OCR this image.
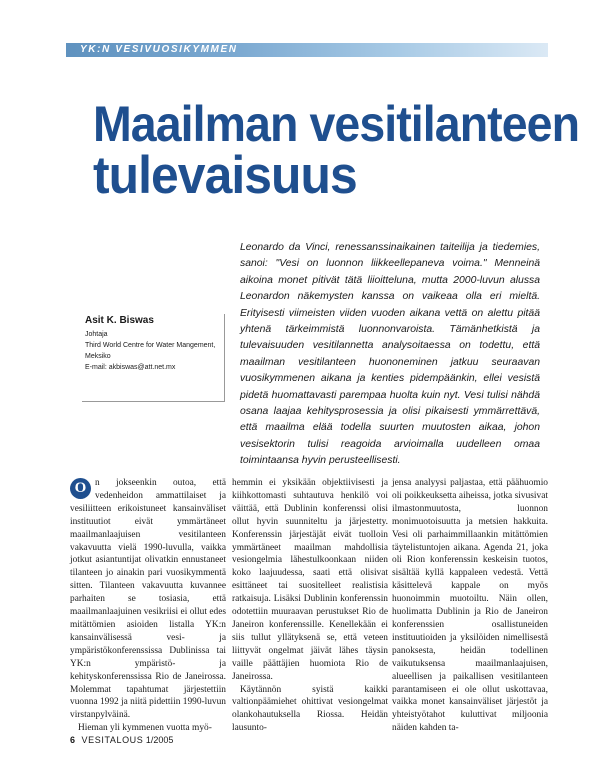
YK:N VESIVUOSIKYMMEN
Maailman vesitilanteen
tulevaisuus
Leonardo da Vinci, renessanssinaikainen taiteilija ja tiedemies, sanoi: "Vesi on luonnon liikkeellepaneva voima." Menneinä aikoina monet pitivät tätä liioitteluna, mutta 2000-luvun alussa Leonardon näkemysten kanssa on vaikeaa olla eri mieltä. Erityisesti viimeisten viiden vuoden aikana vettä on alettu pitää yhtenä tärkeimmistä luonnonvaroista. Tämänhetkistä ja tulevaisuuden vesitilannetta analysoitaessa on todettu, että maailman vesitilanteen huononeminen jatkuu seuraavan vuosikymmenen aikana ja kenties pidempäänkin, ellei vesistä pidetä huomattavasti parempaa huolta kuin nyt. Vesi tulisi nähdä osana laajaa kehitysprosessia ja olisi pikaisesti ymmärrettävä, että maailma elää todella suurten muutosten aikaa, johon vesisektorin tulisi reagoida arvioimalla uudelleen omaa toimintaansa hyvin perusteellisesti.
Asit K. Biswas
Johtaja
Third World Centre for Water Mangement,
Meksiko
E-mail: akbiswas@att.net.mx
O n jokseenkin outoa, että vedenheidon ammattilaiset ja vesiliitteen erikoistuneet kansainväliset instituutiot eivät ymmärtäneet maailmanlaajuisen vesitilanteen vakavuutta vielä 1990-luvulla, vaikka jotkut asiantuntijat olivatkin ennustaneet tilanteen jo ainakin pari vuosikymmentä sitten. Tilanteen vakavuutta kuvannee parhaiten se tosiasia, että maailmanlaajuinen vesikriisi ei ollut edes mitättömien asioiden listalla YK:n kansainvälisessä vesi- ja ympäristökonferenssissa Dublinissa tai YK:n ympäristö- ja kehityskonferenssissa Rio de Janeirossa. Molemmat tapahtumat järjestettiin vuonna 1992 ja niitä pidettiin 1990-luvun virstanpylväinä.

Hieman yli kymmenen vuotta myö-

hemmin ei yksikään objektiivisesti ja kiihkottomasti suhtautuva henkilö voi väittää, että Dublinin konferenssi olisi ollut hyvin suunniteltu ja järjestetty. Konferenssin järjestäjät eivät tuolloin ymmärtäneet maailman mahdollisia vesiongelmia lähestulkoonkaan niiden koko laajuudessa, saati että olisivat esittäneet tai suositelleet realistisia ratkaisuja. Lisäksi Dublinin konferenssin odotettiin muuraavan perustukset Rio de Janeiron konferenssille. Kenellekään ei siis tullut yllätyksenä se, että veteen liittyvät ongelmat jäivät lähes täysin vaille päättäjien huomiota Rio de Janeirossa.

Käytännön syistä kaikki valtionpäämiehet ohittivat vesiongelmat olankohautuksella Riossa. Heidän lausunto-

jensa analyysi paljastaa, että päähuomio oli poikkeuksetta aiheissa, jotka sivusivat ilmastonmuutosta, luonnon monimuotoisuutta ja metsien hakkuita. Vesi oli parhaimmillaankin mitättömien täytelistuntojen aikana. Agenda 21, joka oli Rion konferenssin keskeisin tuotos, sisältää kyllä kappaleen vedestä. Vettä käsittelevä kappale on myös huonoimmin muotoiltu. Näin ollen, huolimatta Dublinin ja Rio de Janeiron konferenssien osallistuneiden instituutioiden ja yksilöiden nimellisestä panoksesta, heidän todellinen vaikutuksensa maailmanlaajuisen, alueellisen ja paikallisen vesitilanteen parantamiseen ei ole ollut uskottavaa, vaikka monet kansainväliset järjestöt ja yhteistyötahot kuluttivat miljoonia näiden kahden ta-

6 VESITALOUS 1/2005
